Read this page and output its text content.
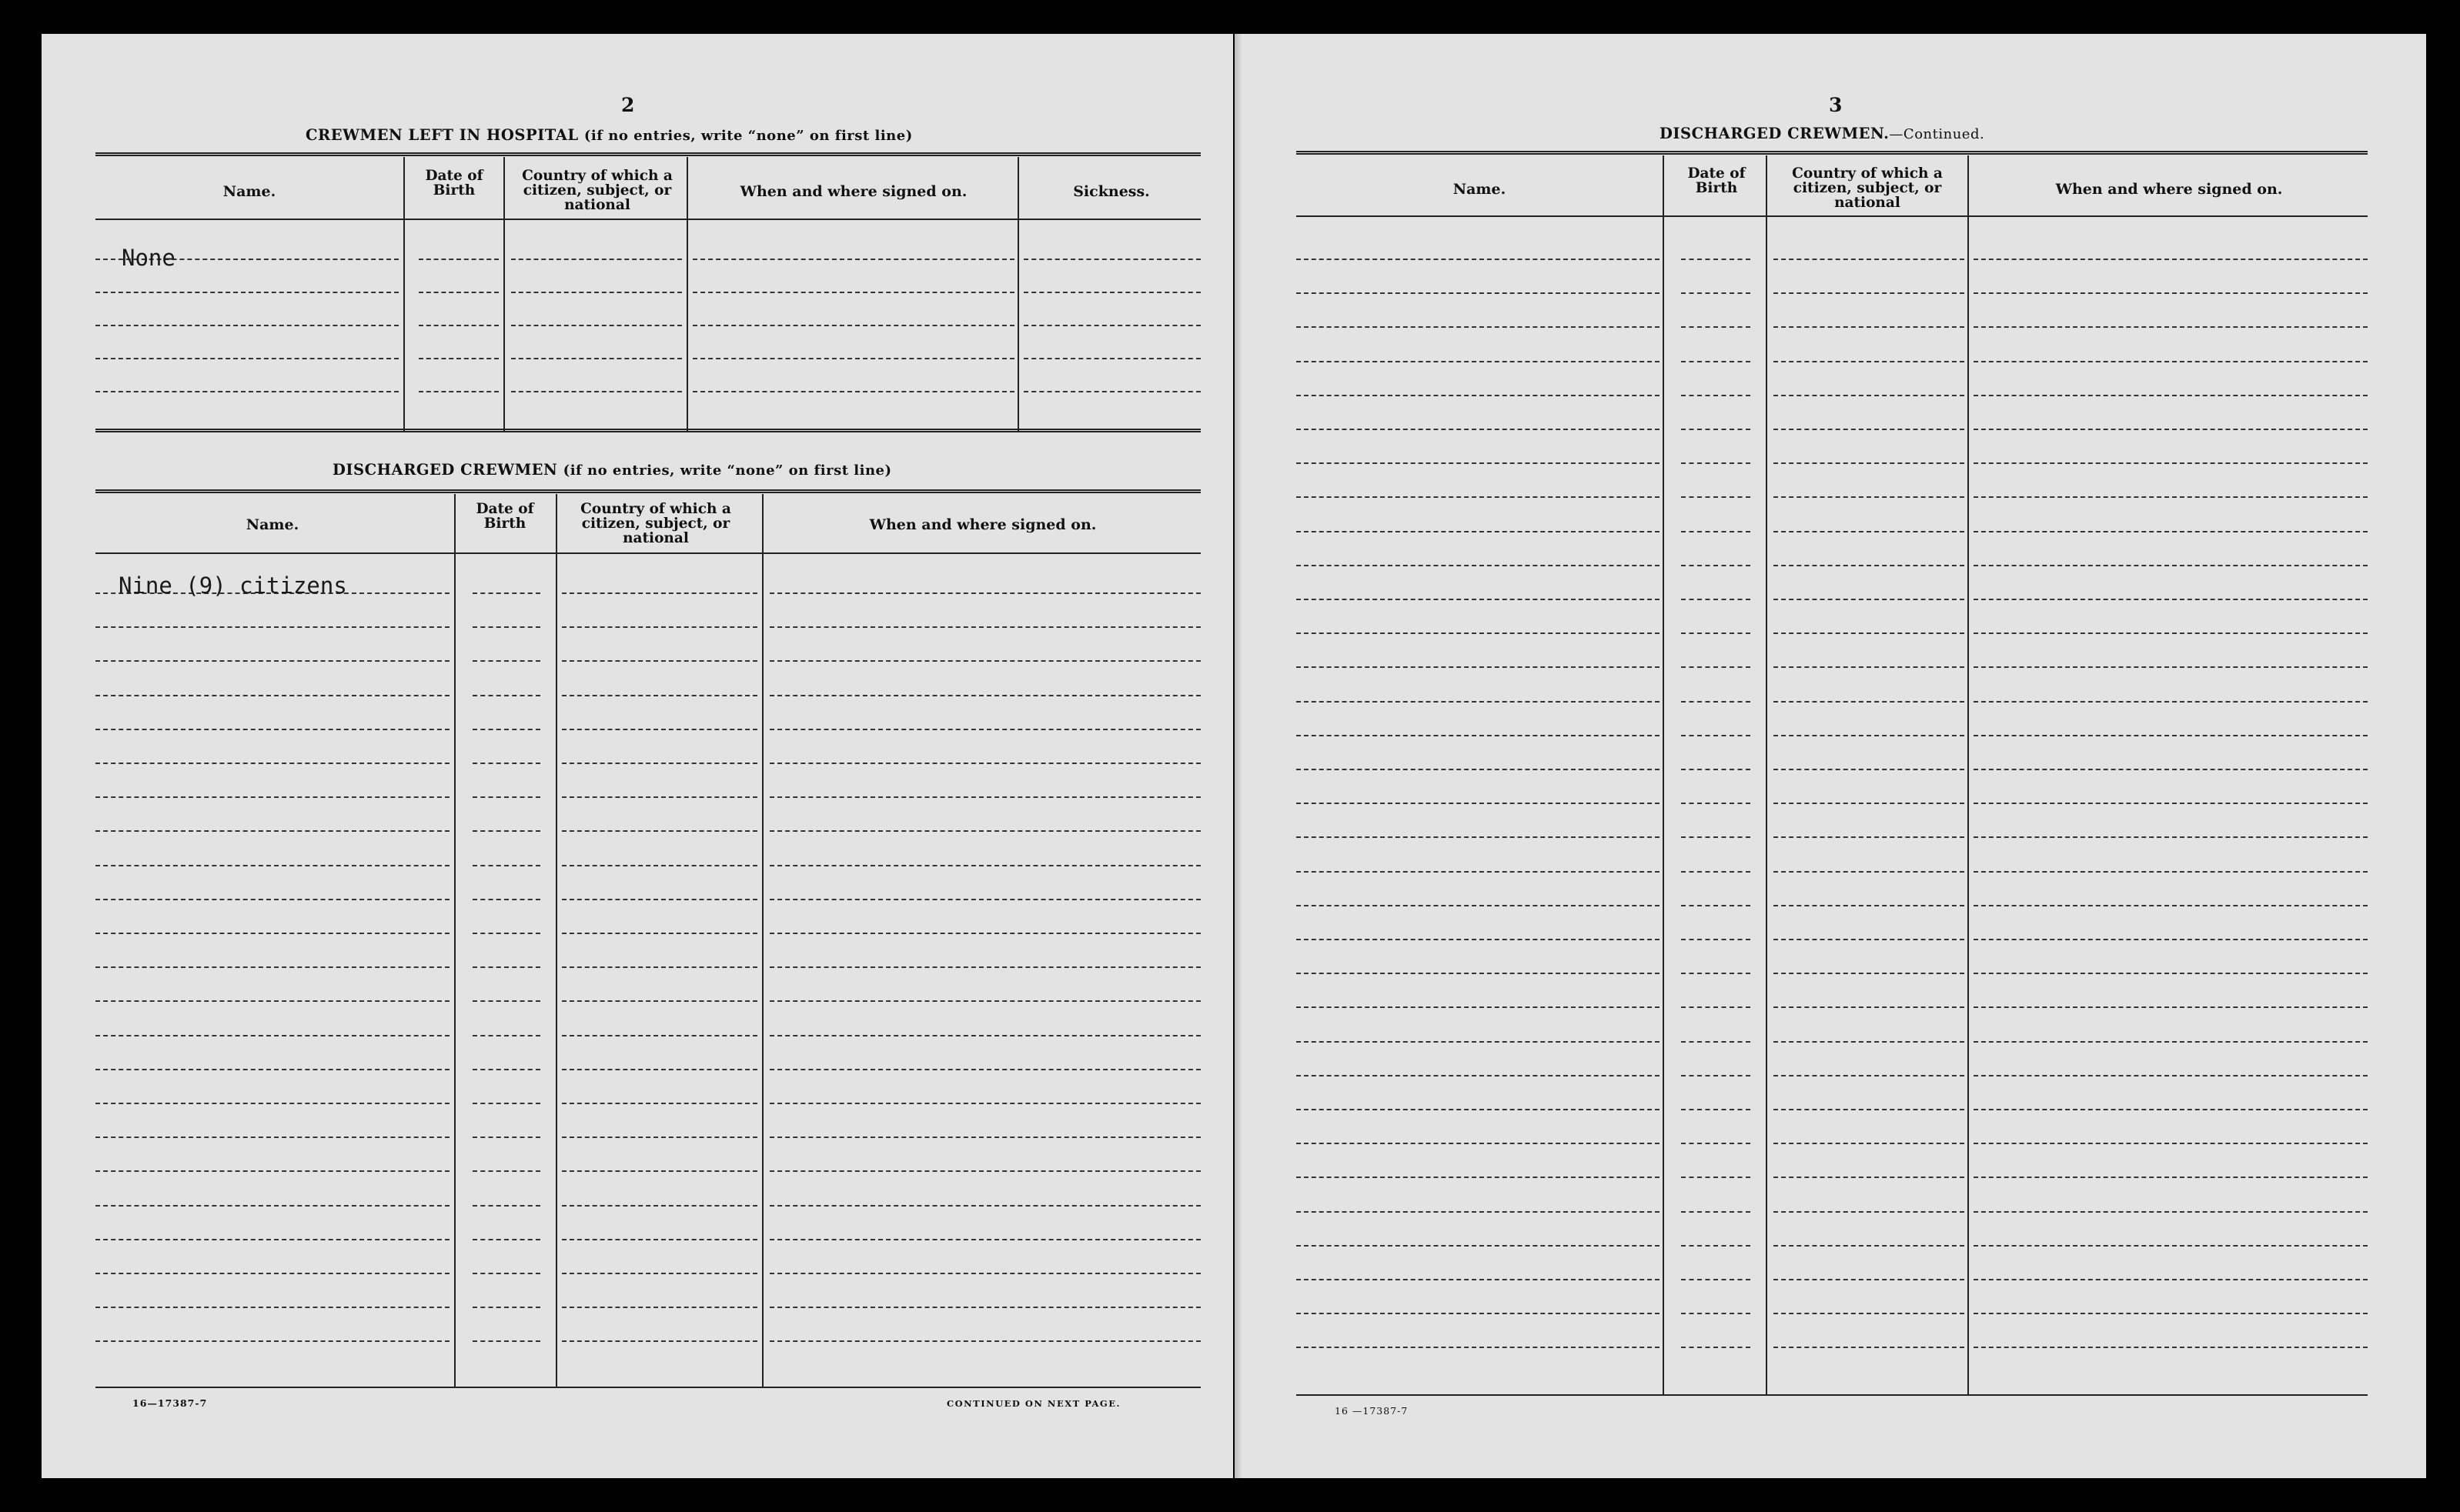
2
CREWMEN LEFT IN HOSPITAL (if no entries, write “none” on first line)
Name.
Date of Birth
Country of which a citizen, subject, or national
When and where signed on.	Sickness.
None
DISCHARGED CREWMEN (if no entries, write “none” on first line)
Name.
Date of Birth
Country of which a citizen, subject, or national
When and where signed on.
Nine (9) citizens
16—17387-7	CONTINUED ON NEXT PAGE.
3
DISCHARGED CREWMEN.—Continued.
Name.
Date of Birth
Country of which a citizen, subject, or national
When and where signed on.
16 —17387-7
